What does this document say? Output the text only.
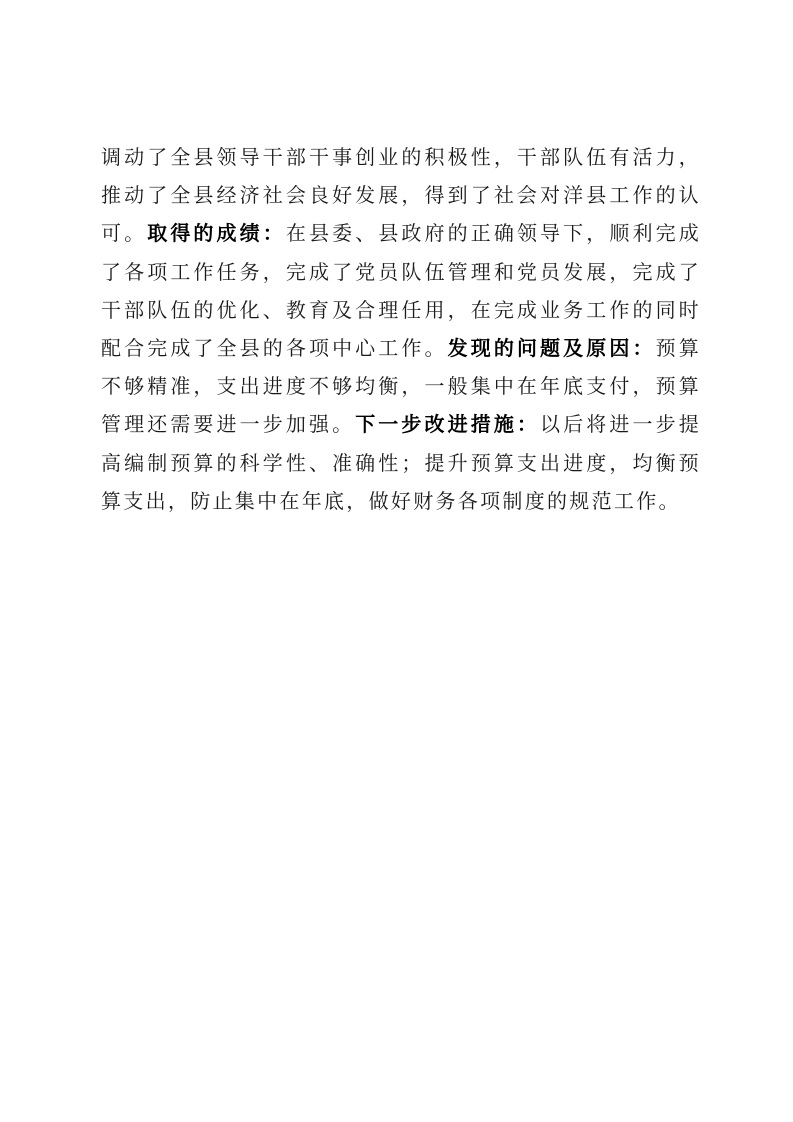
调动了全县领导干部干事创业的积极性，干部队伍有活力，推动了全县经济社会良好发展，得到了社会对洋县工作的认可。取得的成绩：在县委、县政府的正确领导下，顺利完成了各项工作任务，完成了党员队伍管理和党员发展，完成了干部队伍的优化、教育及合理任用，在完成业务工作的同时配合完成了全县的各项中心工作。发现的问题及原因：预算不够精准，支出进度不够均衡，一般集中在年底支付，预算管理还需要进一步加强。下一步改进措施：以后将进一步提高编制预算的科学性、准确性；提升预算支出进度，均衡预算支出，防止集中在年底，做好财务各项制度的规范工作。
